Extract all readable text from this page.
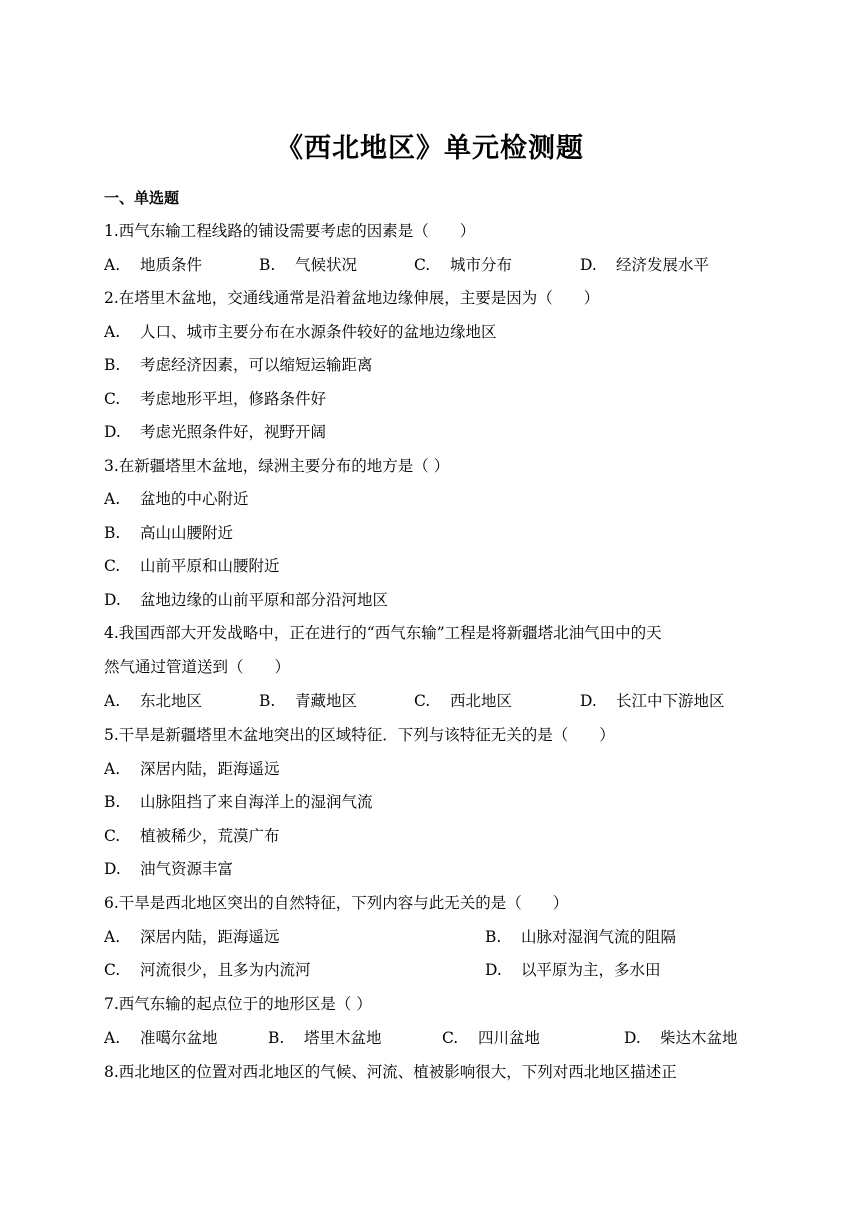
《西北地区》单元检测题
一、单选题
1.西气东输工程线路的铺设需要考虑的因素是（　　）
A. 地质条件	B. 气候状况	C. 城市分布	D. 经济发展水平
2.在塔里木盆地，交通线通常是沿着盆地边缘伸展，主要是因为（　　）
A. 人口、城市主要分布在水源条件较好的盆地边缘地区
B. 考虑经济因素，可以缩短运输距离
C. 考虑地形平坦，修路条件好
D. 考虑光照条件好，视野开阔
3.在新疆塔里木盆地，绿洲主要分布的地方是（ ）
A. 盆地的中心附近
B. 高山山腰附近
C. 山前平原和山腰附近
D. 盆地边缘的山前平原和部分沿河地区
4.我国西部大开发战略中，正在进行的“西气东输”工程是将新疆塔北油气田中的天
然气通过管道送到（　　）
A. 东北地区	B. 青藏地区	C. 西北地区	D. 长江中下游地区
5.干旱是新疆塔里木盆地突出的区域特征．下列与该特征无关的是（　　）
A. 深居内陆，距海遥远
B. 山脉阻挡了来自海洋上的湿润气流
C. 植被稀少，荒漠广布
D. 油气资源丰富
6.干旱是西北地区突出的自然特征，下列内容与此无关的是（　　）
A. 深居内陆，距海遥远	B. 山脉对湿润气流的阻隔
C. 河流很少，且多为内流河	D. 以平原为主，多水田
7.西气东输的起点位于的地形区是（ ）
A. 准噶尔盆地	B. 塔里木盆地	C. 四川盆地	D. 柴达木盆地
8.西北地区的位置对西北地区的气候、河流、植被影响很大，下列对西北地区描述正
